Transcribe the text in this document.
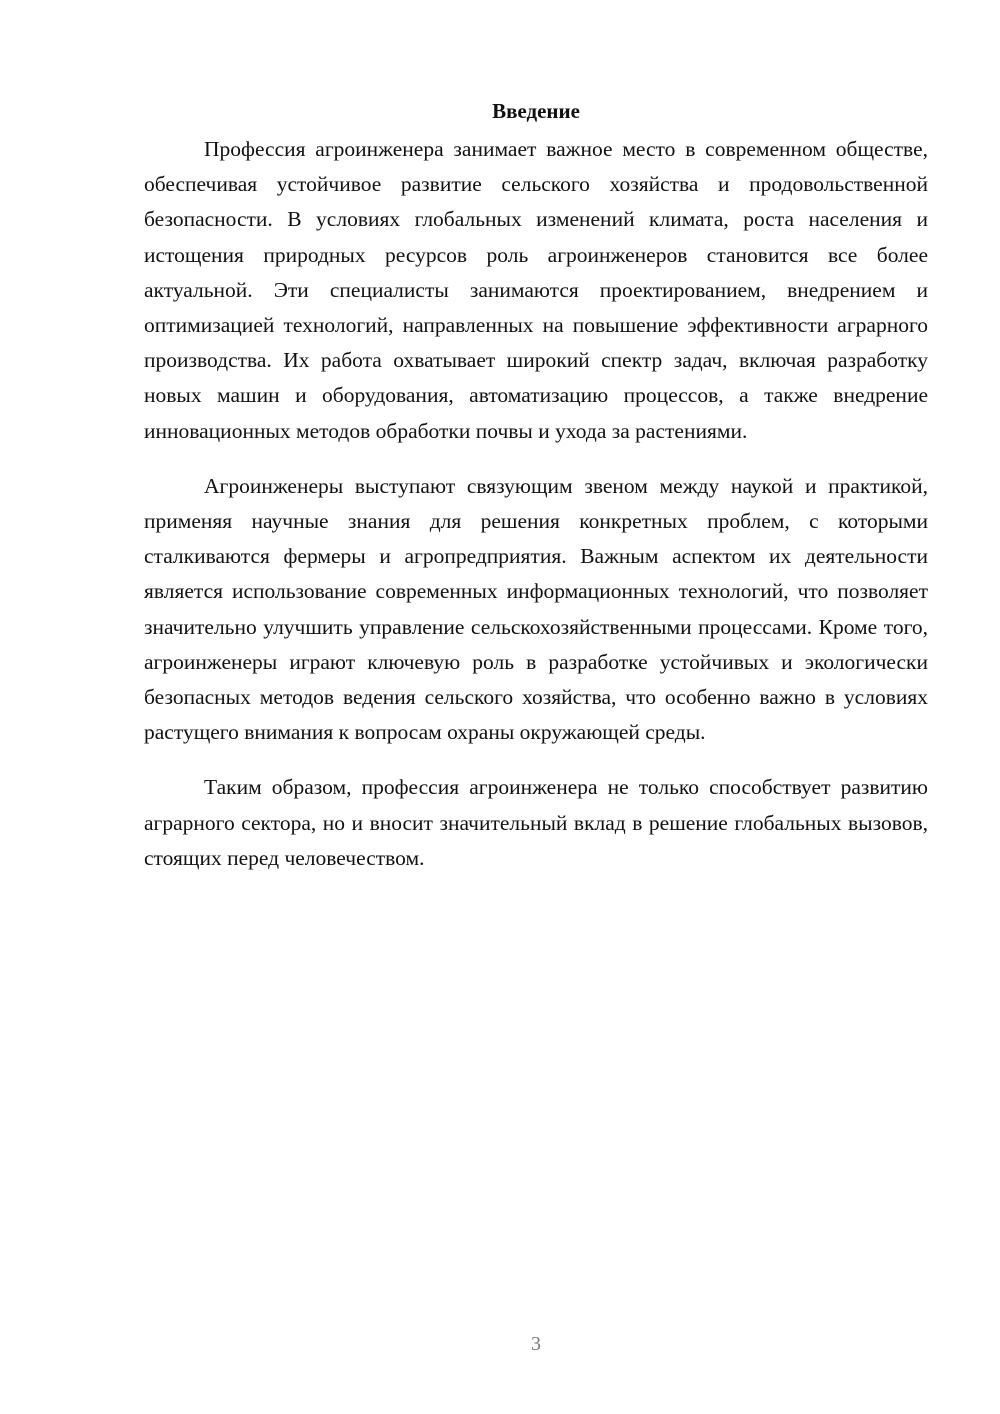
Введение

Профессия агроинженера занимает важное место в современном обществе, обеспечивая устойчивое развитие сельского хозяйства и продовольственной безопасности. В условиях глобальных изменений климата, роста населения и истощения природных ресурсов роль агроинженеров становится все более актуальной. Эти специалисты занимаются проектированием, внедрением и оптимизацией технологий, направленных на повышение эффективности аграрного производства. Их работа охватывает широкий спектр задач, включая разработку новых машин и оборудования, автоматизацию процессов, а также внедрение инновационных методов обработки почвы и ухода за растениями.

Агроинженеры выступают связующим звеном между наукой и практикой, применяя научные знания для решения конкретных проблем, с которыми сталкиваются фермеры и агропредприятия. Важным аспектом их деятельности является использование современных информационных технологий, что позволяет значительно улучшить управление сельскохозяйственными процессами. Кроме того, агроинженеры играют ключевую роль в разработке устойчивых и экологически безопасных методов ведения сельского хозяйства, что особенно важно в условиях растущего внимания к вопросам охраны окружающей среды.

Таким образом, профессия агроинженера не только способствует развитию аграрного сектора, но и вносит значительный вклад в решение глобальных вызовов, стоящих перед человечеством.

3
